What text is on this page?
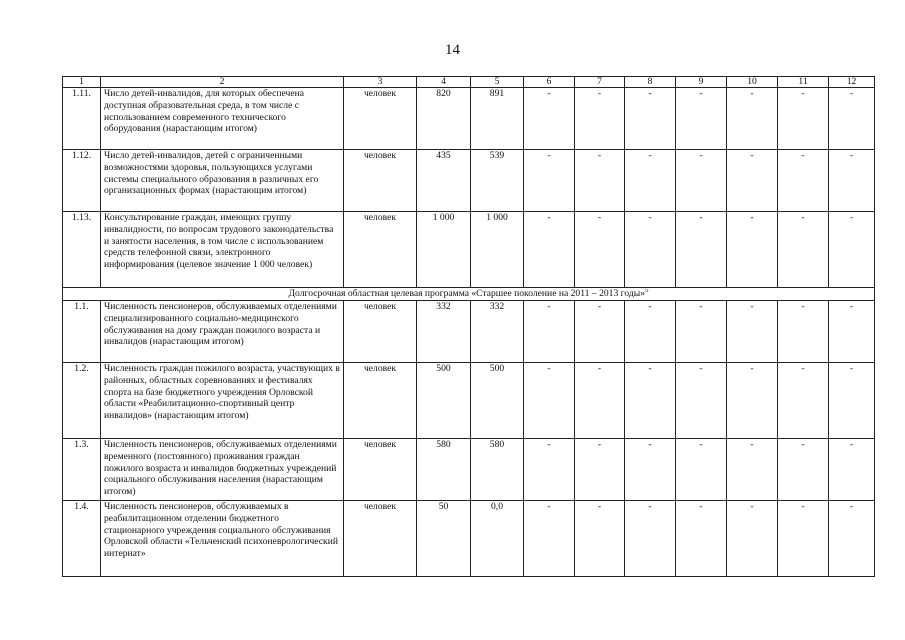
14
1	2	3	4	5	6	7	8	9	10	11	12
1.11.	Число детей-инвалидов, для которых обеспечена доступная образовательная среда, в том числе с использованием современного технического оборудования (нарастающим итогом)	человек	820	891	-	-	-	-	-	-	-
1.12.	Число детей-инвалидов, детей с ограниченными возможностями здоровья, пользующихся услугами системы специального образования в различных его организационных формах (нарастающим итогом)	человек	435	539	-	-	-	-	-	-	-
1.13.	Консультирование граждан, имеющих группу инвалидности, по вопросам трудового законодательства и занятости населения, в том числе с использованием средств телефонной связи, электронного информирования (целевое значение 1 000 человек)	человек	1 000	1 000	-	-	-	-	-	-	-
Долгосрочная областная целевая программа «Старшее поколение на 2011 – 2013 годы»$^5$
1.1.	Численность пенсионеров, обслуживаемых отделениями специализированного социально-медицинского обслуживания на дому граждан пожилого возраста и инвалидов (нарастающим итогом)	человек	332	332	-	-	-	-	-	-	-
1.2.	Численность граждан пожилого возраста, участвующих в районных, областных соревнованиях и фестивалях спорта на базе бюджетного учреждения Орловской области «Реабилитационно-спортивный центр инвалидов» (нарастающим итогом)	человек	500	500	-	-	-	-	-	-	-
1.3.	Численность пенсионеров, обслуживаемых отделениями временного (постоянного) проживания граждан пожилого возраста и инвалидов бюджетных учреждений социального обслуживания населения (нарастающим итогом)	человек	580	580	-	-	-	-	-	-	-
1.4.	Численность пенсионеров, обслуживаемых в реабилитационном отделении бюджетного стационарного учреждения социального обслуживания Орловской области «Тельченский психоневрологический интернат»	человек	50	0,0	-	-	-	-	-	-	-
